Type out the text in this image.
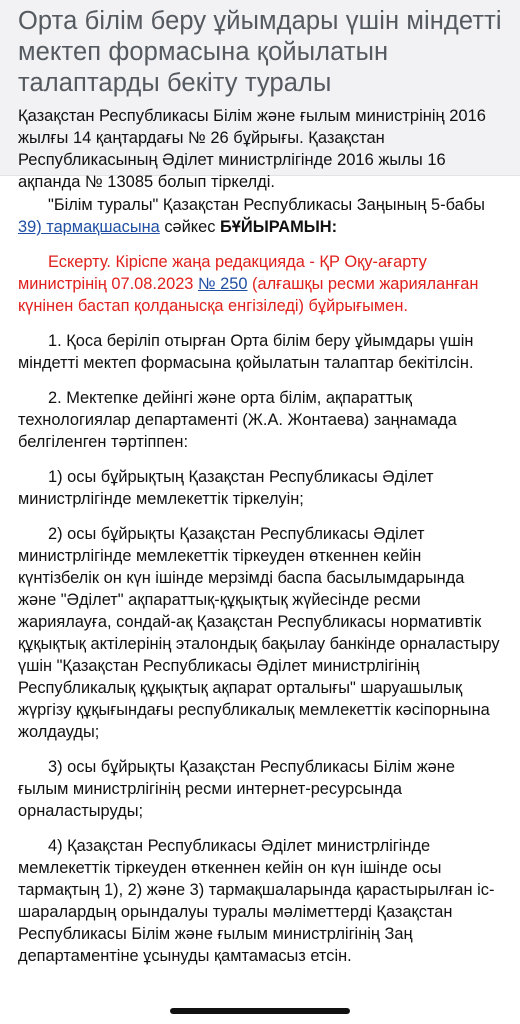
Орта білім беру ұйымдары үшін міндетті мектеп формасына қойылатын талаптарды бекіту туралы

Қазақстан Республикасы Білім және ғылым министрінің 2016 жылғы 14 қаңтардағы № 26 бұйрығы. Қазақстан Республикасының Әділет министрлігінде 2016 жылы 16 ақпанда № 13085 болып тіркелді.

"Білім туралы" Қазақстан Республикасы Заңының 5-бабы 39) тармақшасына сәйкес БҰЙЫРАМЫН:

Ескерту. Кіріспе жаңа редакцияда - ҚР Оқу-ағарту министрінің 07.08.2023 № 250 (алғашқы ресми жарияланған күнінен бастап қолданысқа енгізіледі) бұйрығымен.

1. Қоса беріліп отырған Орта білім беру ұйымдары үшін міндетті мектеп формасына қойылатын талаптар бекітілсін.

2. Мектепке дейінгі және орта білім, ақпараттық технологиялар департаменті (Ж.А. Жонтаева) заңнамада белгіленген тәртіппен:

1) осы бұйрықтың Қазақстан Республикасы Әділет министрлігінде мемлекеттік тіркелуін;

2) осы бұйрықты Қазақстан Республикасы Әділет министрлігінде мемлекеттік тіркеуден өткеннен кейін күнтізбелік он күн ішінде мерзімді баспа басылымдарында және "Әділет" ақпараттық-құқықтық жүйесінде ресми жариялауға, сондай-ақ Қазақстан Республикасы нормативтік құқықтық актілерінің эталондық бақылау банкінде орналастыру үшін "Қазақстан Республикасы Әділет министрлігінің Республикалық құқықтық ақпарат орталығы" шаруашылық жүргізу құқығындағы республикалық мемлекеттік кәсіпорнына жолдауды;

3) осы бұйрықты Қазақстан Республикасы Білім және ғылым министрлігінің ресми интернет-ресурсында орналастыруды;

4) Қазақстан Республикасы Әділет министрлігінде мемлекеттік тіркеуден өткеннен кейін он күн ішінде осы тармақтың 1), 2) және 3) тармақшаларында қарастырылған іс-шаралардың орындалуы туралы мәліметтерді Қазақстан Республикасы Білім және ғылым министрлігінің Заң департаментіне ұсынуды қамтамасыз етсін.
